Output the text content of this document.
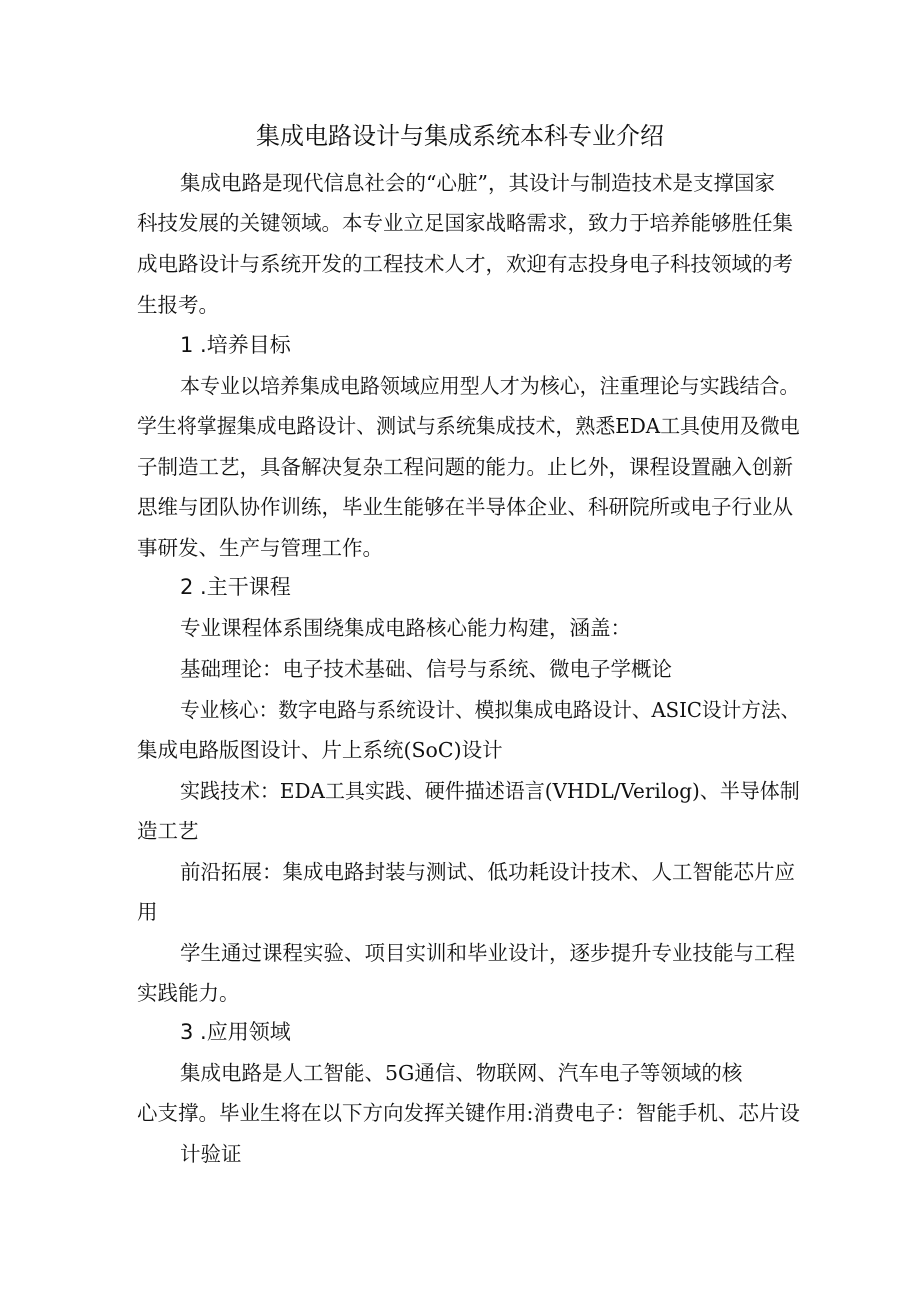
集成电路设计与集成系统本科专业介绍
集成电路是现代信息社会的“心脏”，其设计与制造技术是支撑国家
科技发展的关键领域。本专业立足国家战略需求，致力于培养能够胜任集
成电路设计与系统开发的工程技术人才，欢迎有志投身电子科技领域的考
生报考。
1 .培养目标
本专业以培养集成电路领域应用型人才为核心，注重理论与实践结合。
学生将掌握集成电路设计、测试与系统集成技术，熟悉EDA工具使用及微电
子制造工艺，具备解决复杂工程问题的能力。止匕外，课程设置融入创新
思维与团队协作训练，毕业生能够在半导体企业、科研院所或电子行业从
事研发、生产与管理工作。
2 .主干课程
专业课程体系围绕集成电路核心能力构建，涵盖：
基础理论：电子技术基础、信号与系统、微电子学概论
专业核心：数字电路与系统设计、模拟集成电路设计、ASIC设计方法、
集成电路版图设计、片上系统(SoC)设计
实践技术：EDA工具实践、硬件描述语言(VHDL/Verilog)、半导体制
造工艺
前沿拓展：集成电路封装与测试、低功耗设计技术、人工智能芯片应
用
学生通过课程实验、项目实训和毕业设计，逐步提升专业技能与工程
实践能力。
3 .应用领域
集成电路是人工智能、5G通信、物联网、汽车电子等领域的核
心支撑。毕业生将在以下方向发挥关键作用:消费电子：智能手机、芯片设
计验证
